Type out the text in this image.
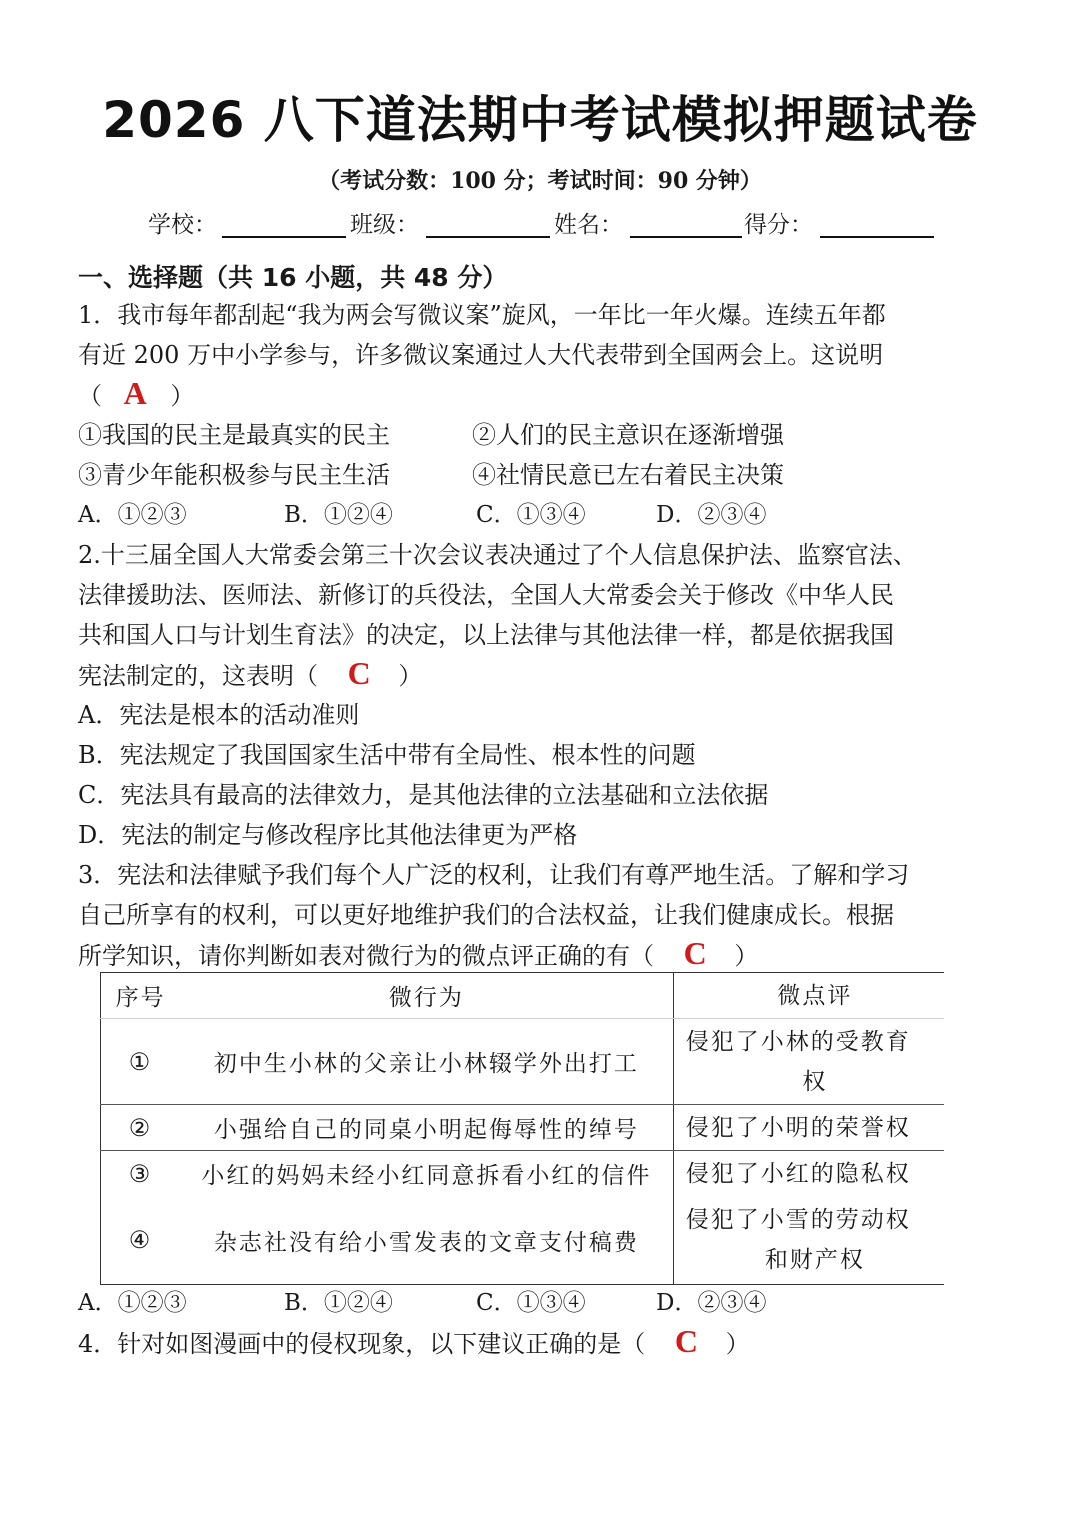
2026 八下道法期中考试模拟押题试卷
（考试分数：100 分；考试时间：90 分钟）
学校：	班级：	姓名：	得分：
一、选择题（共 16 小题，共 48 分）
1．我市每年都刮起“我为两会写微议案”旋风，一年比一年火爆。连续五年都
有近 200 万中小学参与，许多微议案通过人大代表带到全国两会上。这说明
（ A ）
①我国的民主是最真实的民主	②人们的民主意识在逐渐增强
③青少年能积极参与民主生活	④社情民意已左右着民主决策
A．①②③	B．①②④	C．①③④	D．②③④
2.十三届全国人大常委会第三十次会议表决通过了个人信息保护法、监察官法、
法律援助法、医师法、新修订的兵役法，全国人大常委会关于修改《中华人民
共和国人口与计划生育法》的决定，以上法律与其他法律一样，都是依据我国
宪法制定的，这表明（ C ）
A．宪法是根本的活动准则
B．宪法规定了我国国家生活中带有全局性、根本性的问题
C．宪法具有最高的法律效力，是其他法律的立法基础和立法依据
D．宪法的制定与修改程序比其他法律更为严格
3．宪法和法律赋予我们每个人广泛的权利，让我们有尊严地生活。了解和学习
自己所享有的权利，可以更好地维护我们的合法权益，让我们健康成长。根据
所学知识，请你判断如表对微行为的微点评正确的有（ C ）
序号	微行为	微点评
①	初中生小林的父亲让小林辍学外出打工	侵犯了小林的受教育
权

②	小强给自己的同桌小明起侮辱性的绰号	侵犯了小明的荣誉权
③	小红的妈妈未经小红同意拆看小红的信件	侵犯了小红的隐私权
④	杂志社没有给小雪发表的文章支付稿费	侵犯了小雪的劳动权
和财产权
A．①②③	B．①②④	C．①③④	D．②③④
4．针对如图漫画中的侵权现象，以下建议正确的是（ C ）
